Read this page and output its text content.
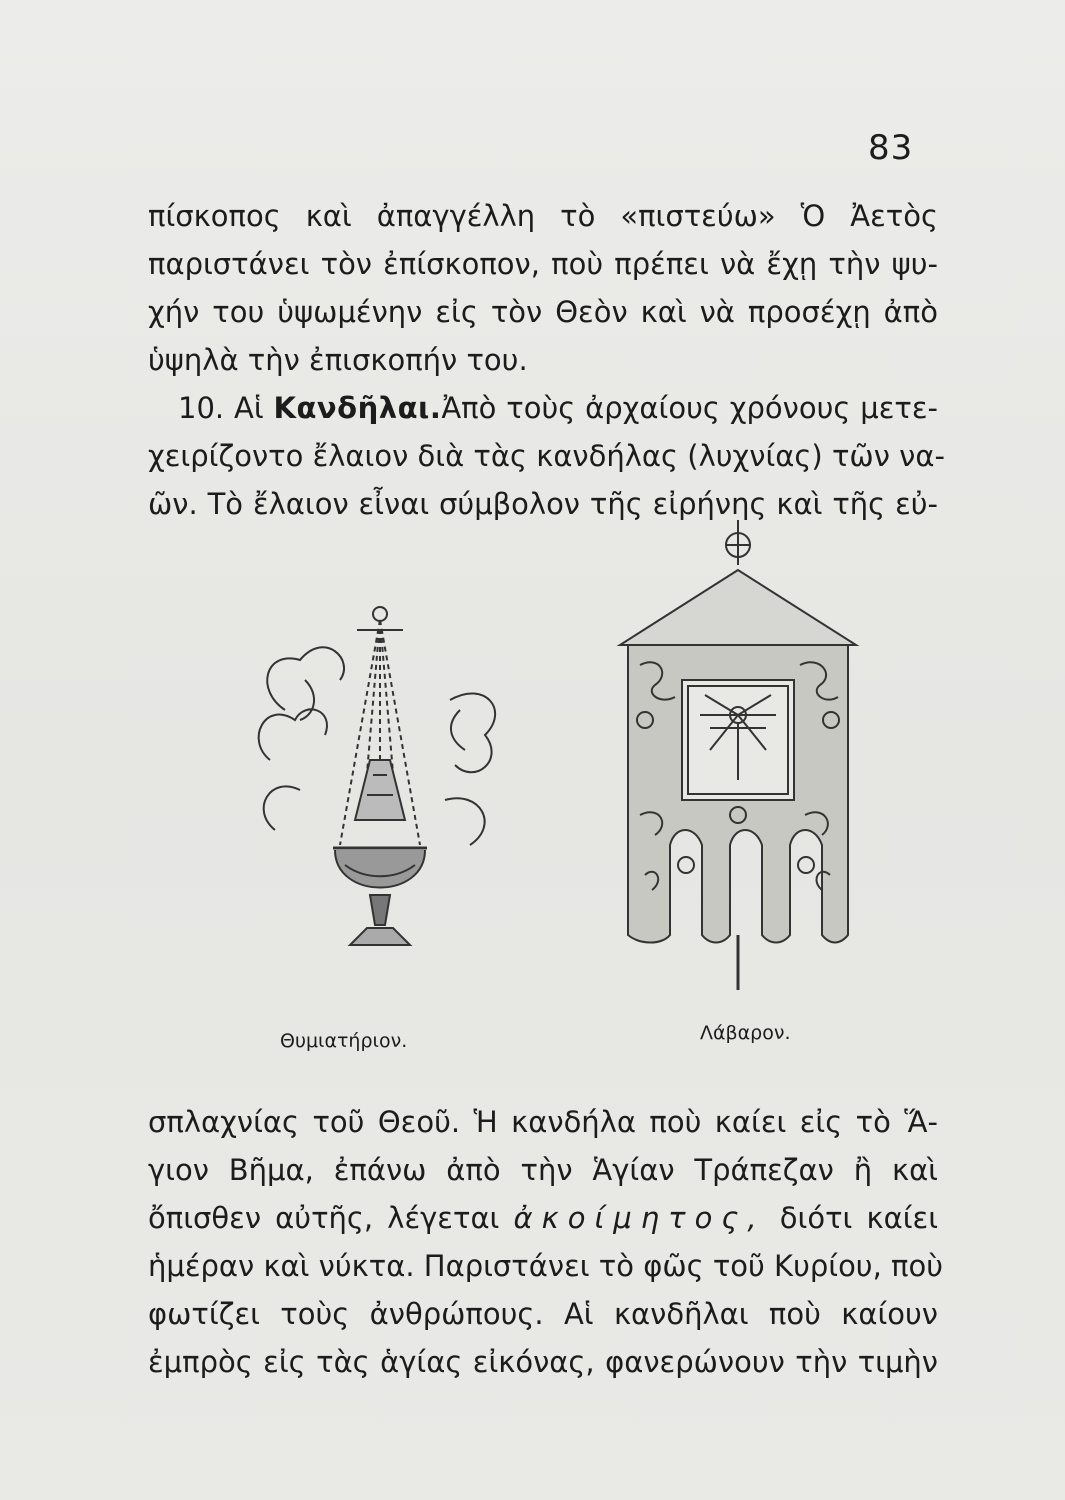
83
πίσκοπος καὶ ἀπαγγέλλη τὸ «πιστεύω» Ὁ Ἀετὸς
παριστάνει τὸν ἐπίσκοπον, ποὺ πρέπει νὰ ἔχῃ τὴν ψυ-
χήν του ὑψωμένην εἰς τὸν Θεὸν καὶ νὰ προσέχῃ ἀπὸ
ὑψηλὰ τὴν ἐπισκοπήν του.
10. Αἱ Κανδῆλαι.Ἀπὸ τοὺς ἀρχαίους χρόνους μετε-
χειρίζοντο ἔλαιον διὰ τὰς κανδήλας (λυχνίας) τῶν να-
ῶν. Τὸ ἔλαιον εἶναι σύμβολον τῆς εἰρήνης καὶ τῆς εὐ-
Θυμιατήριον.	Λάβαρον.
σπλαχνίας τοῦ Θεοῦ. Ἡ κανδήλα ποὺ καίει εἰς τὸ Ἅ-
γιον Βῆμα, ἐπάνω ἀπὸ τὴν Ἁγίαν Τράπεζαν ἢ καὶ
ὄπισθεν αὐτῆς, λέγεται ἀκοίμητος, διότι καίει
ἡμέραν καὶ νύκτα. Παριστάνει τὸ φῶς τοῦ Κυρίου, ποὺ
φωτίζει τοὺς ἀνθρώπους. Αἱ κανδῆλαι ποὺ καίουν
ἐμπρὸς εἰς τὰς ἁγίας εἰκόνας, φανερώνουν τὴν τιμὴν
